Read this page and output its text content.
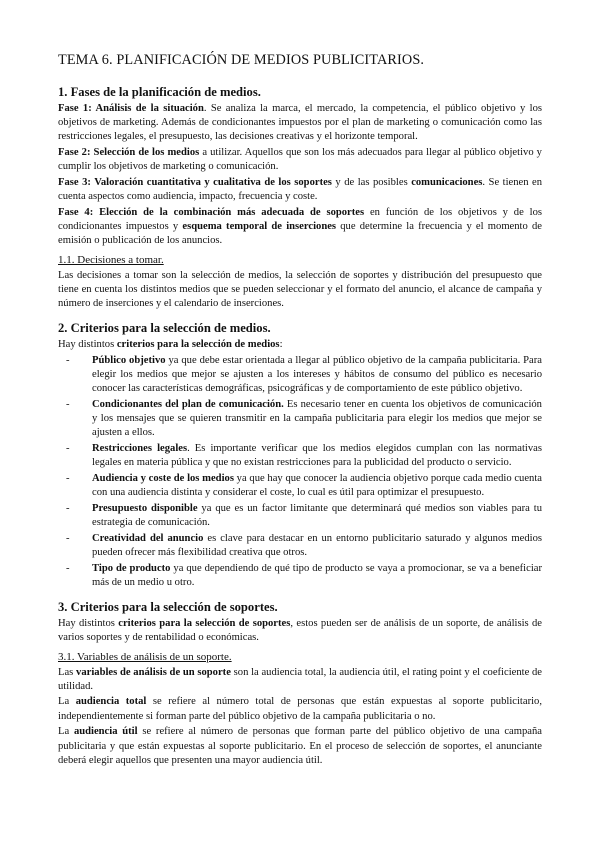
TEMA 6. PLANIFICACIÓN DE MEDIOS PUBLICITARIOS.
1. Fases de la planificación de medios.

Fase 1: Análisis de la situación. Se analiza la marca, el mercado, la competencia, el público objetivo y los objetivos de marketing. Además de condicionantes impuestos por el plan de marketing o comunicación como las restricciones legales, el presupuesto, las decisiones creativas y el horizonte temporal.

Fase 2: Selección de los medios a utilizar. Aquellos que son los más adecuados para llegar al público objetivo y cumplir los objetivos de marketing o comunicación.

Fase 3: Valoración cuantitativa y cualitativa de los soportes y de las posibles comunicaciones. Se tienen en cuenta aspectos como audiencia, impacto, frecuencia y coste.

Fase 4: Elección de la combinación más adecuada de soportes en función de los objetivos y de los condicionantes impuestos y esquema temporal de inserciones que determine la frecuencia y el momento de emisión o publicación de los anuncios.

1.1. Decisiones a tomar.

Las decisiones a tomar son la selección de medios, la selección de soportes y distribución del presupuesto que tiene en cuenta los distintos medios que se pueden seleccionar y el formato del anuncio, el alcance de campaña y número de inserciones y el calendario de inserciones.

2. Criterios para la selección de medios.

Hay distintos criterios para la selección de medios:

- Público objetivo ya que debe estar orientada a llegar al público objetivo de la campaña publicitaria. Para elegir los medios que mejor se ajusten a los intereses y hábitos de consumo del público es necesario conocer las características demográficas, psicográficas y de comportamiento de este público objetivo.
- Condicionantes del plan de comunicación. Es necesario tener en cuenta los objetivos de comunicación y los mensajes que se quieren transmitir en la campaña publicitaria para elegir los medios que mejor se ajusten a ellos.
- Restricciones legales. Es importante verificar que los medios elegidos cumplan con las normativas legales en materia pública y que no existan restricciones para la publicidad del producto o servicio.
- Audiencia y coste de los medios ya que hay que conocer la audiencia objetivo porque cada medio cuenta con una audiencia distinta y considerar el coste, lo cual es útil para optimizar el presupuesto.
- Presupuesto disponible ya que es un factor limitante que determinará qué medios son viables para tu estrategia de comunicación.
- Creatividad del anuncio es clave para destacar en un entorno publicitario saturado y algunos medios pueden ofrecer más flexibilidad creativa que otros.
- Tipo de producto ya que dependiendo de qué tipo de producto se vaya a promocionar, se va a beneficiar más de un medio u otro.
3. Criterios para la selección de soportes.

Hay distintos criterios para la selección de soportes, estos pueden ser de análisis de un soporte, de análisis de varios soportes y de rentabilidad o económicas.

3.1. Variables de análisis de un soporte.

Las variables de análisis de un soporte son la audiencia total, la audiencia útil, el rating point y el coeficiente de utilidad.

La audiencia total se refiere al número total de personas que están expuestas al soporte publicitario, independientemente si forman parte del público objetivo de la campaña publicitaria o no.

La audiencia útil se refiere al número de personas que forman parte del público objetivo de una campaña publicitaria y que están expuestas al soporte publicitario. En el proceso de selección de soportes, el anunciante deberá elegir aquellos que presenten una mayor audiencia útil.
